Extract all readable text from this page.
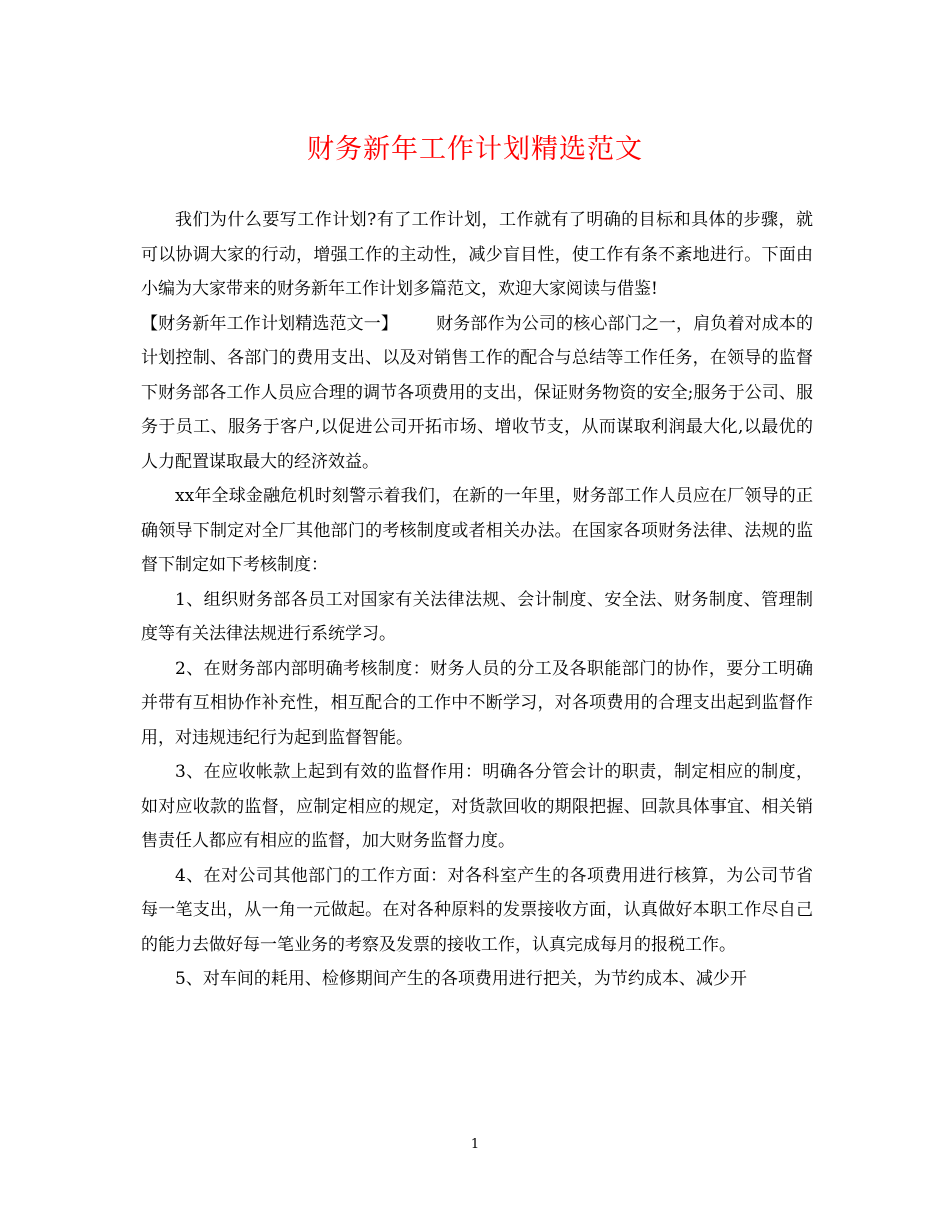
财务新年工作计划精选范文

我们为什么要写工作计划?有了工作计划，工作就有了明确的目标和具体的步骤，就可以协调大家的行动，增强工作的主动性，减少盲目性，使工作有条不紊地进行。下面由小编为大家带来的财务新年工作计划多篇范文，欢迎大家阅读与借鉴!

【财务新年工作计划精选范文一】 财务部作为公司的核心部门之一，肩负着对成本的计划控制、各部门的费用支出、以及对销售工作的配合与总结等工作任务，在领导的监督下财务部各工作人员应合理的调节各项费用的支出，保证财务物资的安全;服务于公司、服务于员工、服务于客户,以促进公司开拓市场、增收节支，从而谋取利润最大化,以最优的人力配置谋取最大的经济效益。

xx年全球金融危机时刻警示着我们，在新的一年里，财务部工作人员应在厂领导的正确领导下制定对全厂其他部门的考核制度或者相关办法。在国家各项财务法律、法规的监督下制定如下考核制度：

1、组织财务部各员工对国家有关法律法规、会计制度、安全法、财务制度、管理制度等有关法律法规进行系统学习。

2、在财务部内部明确考核制度：财务人员的分工及各职能部门的协作，要分工明确并带有互相协作补充性，相互配合的工作中不断学习，对各项费用的合理支出起到监督作用，对违规违纪行为起到监督智能。

3、在应收帐款上起到有效的监督作用：明确各分管会计的职责，制定相应的制度，如对应收款的监督，应制定相应的规定，对货款回收的期限把握、回款具体事宜、相关销售责任人都应有相应的监督，加大财务监督力度。

4、在对公司其他部门的工作方面：对各科室产生的各项费用进行核算，为公司节省每一笔支出，从一角一元做起。在对各种原料的发票接收方面，认真做好本职工作尽自己的能力去做好每一笔业务的考察及发票的接收工作，认真完成每月的报税工作。

5、对车间的耗用、检修期间产生的各项费用进行把关，为节约成本、减少开

1
